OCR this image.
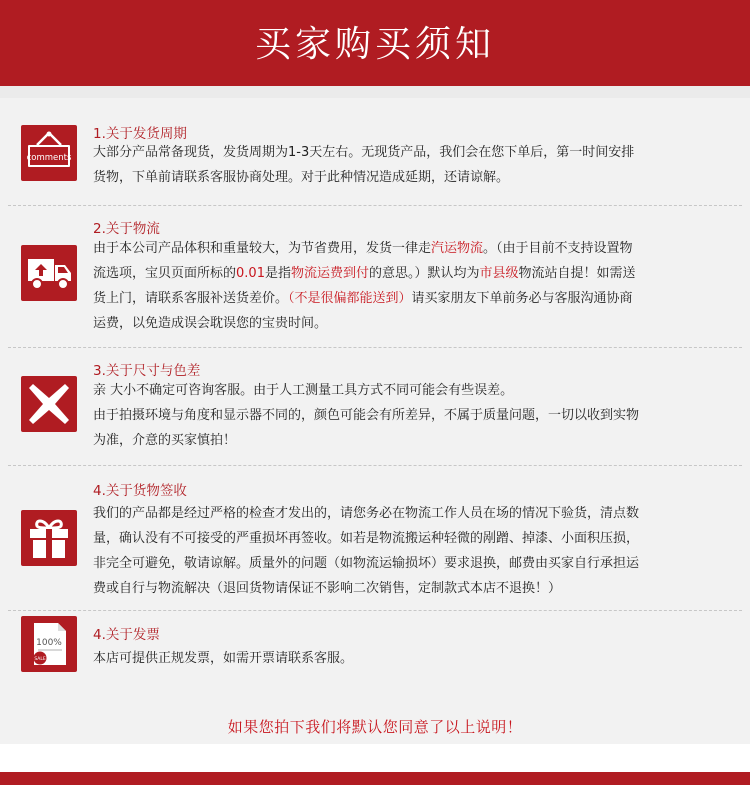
买家购买须知
comments
1.关于发货周期

大部分产品常备现货，发货周期为1-3天左右。无现货产品，我们会在您下单后，第一时间安排

货物，下单前请联系客服协商处理。对于此种情况造成延期，还请谅解。

2.关于物流

由于本公司产品体积和重量较大，为节省费用，发货一律走汽运物流。（由于目前不支持设置物

流选项，宝贝页面所标的0.01是指物流运费到付的意思。）默认均为市县级物流站自提！如需送

货上门，请联系客服补送货差价。（不是很偏都能送到）请买家朋友下单前务必与客服沟通协商

运费，以免造成误会耽误您的宝贵时间。

3.关于尺寸与色差

亲 大小不确定可咨询客服。由于人工测量工具方式不同可能会有些误差。

由于拍摄环境与角度和显示器不同的，颜色可能会有所差异，不属于质量问题，一切以收到实物

为准，介意的买家慎拍！

4.关于货物签收

我们的产品都是经过严格的检查才发出的，请您务必在物流工作人员在场的情况下验货，清点数

量，确认没有不可接受的严重损坏再签收。如若是物流搬运种轻微的剐蹭、掉漆、小面积压损，

非完全可避免，敬请谅解。质量外的问题（如物流运输损坏）要求退换，邮费由买家自行承担运

费或自行与物流解决（退回货物请保证不影响二次销售，定制款式本店不退换！）

100%
SALE
4.关于发票

本店可提供正规发票，如需开票请联系客服。

如果您拍下我们将默认您同意了以上说明！
